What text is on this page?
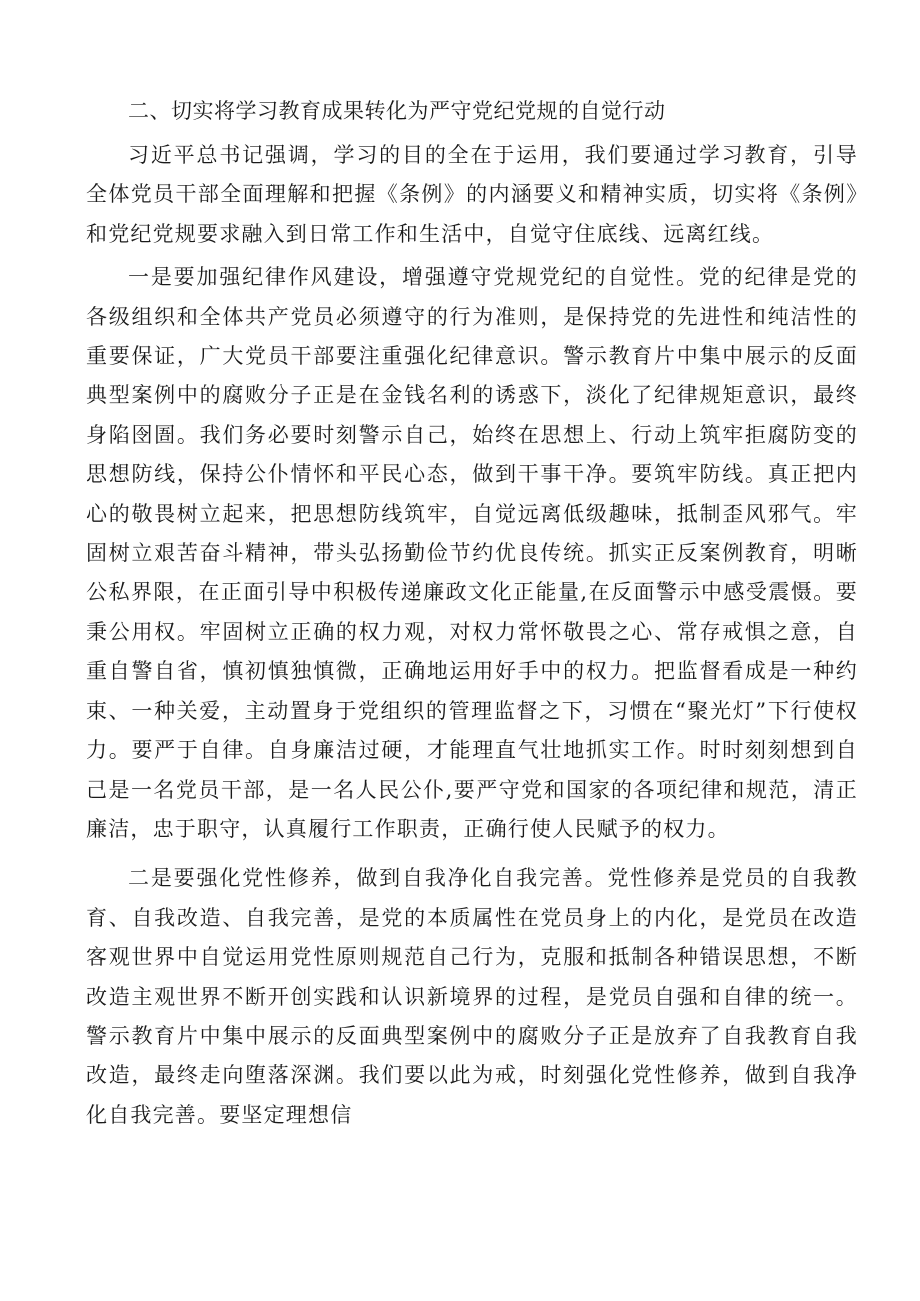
二、切实将学习教育成果转化为严守党纪党规的自觉行动

习近平总书记强调，学习的目的全在于运用，我们要通过学习教育，引导全体党员干部全面理解和把握《条例》的内涵要义和精神实质，切实将《条例》和党纪党规要求融入到日常工作和生活中，自觉守住底线、远离红线。

一是要加强纪律作风建设，增强遵守党规党纪的自觉性。党的纪律是党的各级组织和全体共产党员必须遵守的行为准则，是保持党的先进性和纯洁性的重要保证，广大党员干部要注重强化纪律意识。警示教育片中集中展示的反面典型案例中的腐败分子正是在金钱名利的诱惑下，淡化了纪律规矩意识，最终身陷囹圄。我们务必要时刻警示自己，始终在思想上、行动上筑牢拒腐防变的思想防线，保持公仆情怀和平民心态，做到干事干净。要筑牢防线。真正把内心的敬畏树立起来，把思想防线筑牢，自觉远离低级趣味，抵制歪风邪气。牢固树立艰苦奋斗精神，带头弘扬勤俭节约优良传统。抓实正反案例教育，明晰公私界限，在正面引导中积极传递廉政文化正能量,在反面警示中感受震慑。要秉公用权。牢固树立正确的权力观，对权力常怀敬畏之心、常存戒惧之意，自重自警自省，慎初慎独慎微，正确地运用好手中的权力。把监督看成是一种约束、一种关爱，主动置身于党组织的管理监督之下，习惯在“聚光灯”下行使权力。要严于自律。自身廉洁过硬，才能理直气壮地抓实工作。时时刻刻想到自己是一名党员干部，是一名人民公仆,要严守党和国家的各项纪律和规范，清正廉洁，忠于职守，认真履行工作职责，正确行使人民赋予的权力。

二是要强化党性修养，做到自我净化自我完善。党性修养是党员的自我教育、自我改造、自我完善，是党的本质属性在党员身上的内化，是党员在改造客观世界中自觉运用党性原则规范自己行为，克服和抵制各种错误思想，不断改造主观世界不断开创实践和认识新境界的过程，是党员自强和自律的统一。警示教育片中集中展示的反面典型案例中的腐败分子正是放弃了自我教育自我改造，最终走向堕落深渊。我们要以此为戒，时刻强化党性修养，做到自我净化自我完善。要坚定理想信
